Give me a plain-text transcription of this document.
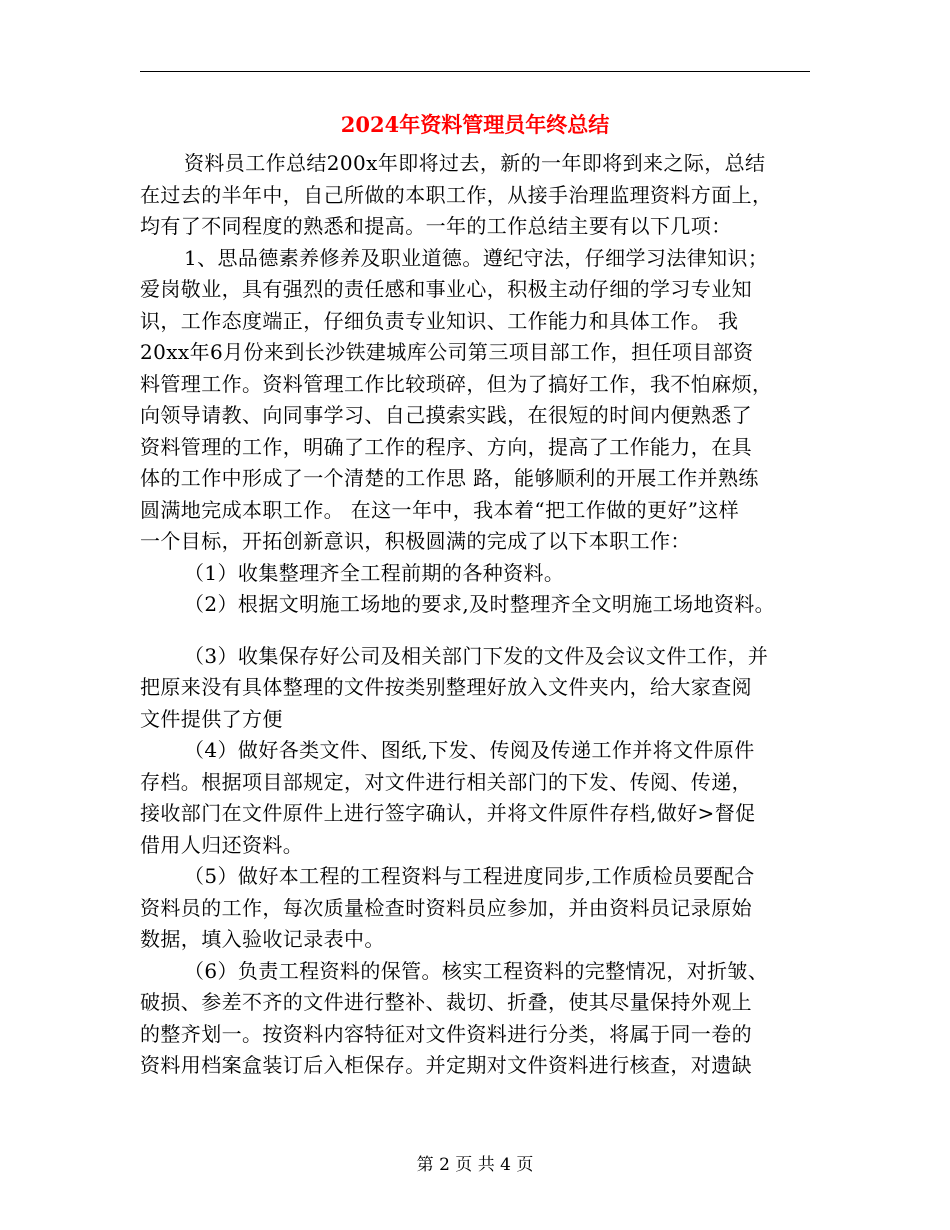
2024年资料管理员年终总结
资料员工作总结200x年即将过去，新的一年即将到来之际，总结
在过去的半年中，自己所做的本职工作，从接手治理监理资料方面上，
均有了不同程度的熟悉和提高。一年的工作总结主要有以下几项：
1、思品德素养修养及职业道德。遵纪守法，仔细学习法律知识；
爱岗敬业，具有强烈的责任感和事业心，积极主动仔细的学习专业知
识，工作态度端正，仔细负责专业知识、工作能力和具体工作。 我
20xx年6月份来到长沙铁建城库公司第三项目部工作，担任项目部资
料管理工作。资料管理工作比较琐碎，但为了搞好工作，我不怕麻烦，
向领导请教、向同事学习、自己摸索实践，在很短的时间内便熟悉了
资料管理的工作，明确了工作的程序、方向，提高了工作能力，在具
体的工作中形成了一个清楚的工作思 路，能够顺利的开展工作并熟练
圆满地完成本职工作。 在这一年中，我本着“把工作做的更好”这样
一个目标，开拓创新意识，积极圆满的完成了以下本职工作：
（1）收集整理齐全工程前期的各种资料。
（2）根据文明施工场地的要求,及时整理齐全文明施工场地资料。
（3）收集保存好公司及相关部门下发的文件及会议文件工作，并
把原来没有具体整理的文件按类别整理好放入文件夹内，给大家查阅
文件提供了方便
（4）做好各类文件、图纸,下发、传阅及传递工作并将文件原件
存档。根据项目部规定，对文件进行相关部门的下发、传阅、传递，
接收部门在文件原件上进行签字确认，并将文件原件存档,做好>督促
借用人归还资料。
（5）做好本工程的工程资料与工程进度同步,工作质检员要配合
资料员的工作，每次质量检查时资料员应参加，并由资料员记录原始
数据，填入验收记录表中。
（6）负责工程资料的保管。核实工程资料的完整情况，对折皱、
破损、参差不齐的文件进行整补、裁切、折叠，使其尽量保持外观上
的整齐划一。按资料内容特征对文件资料进行分类，将属于同一卷的
资料用档案盒装订后入柜保存。并定期对文件资料进行核查，对遗缺
第 2 页 共 4 页
